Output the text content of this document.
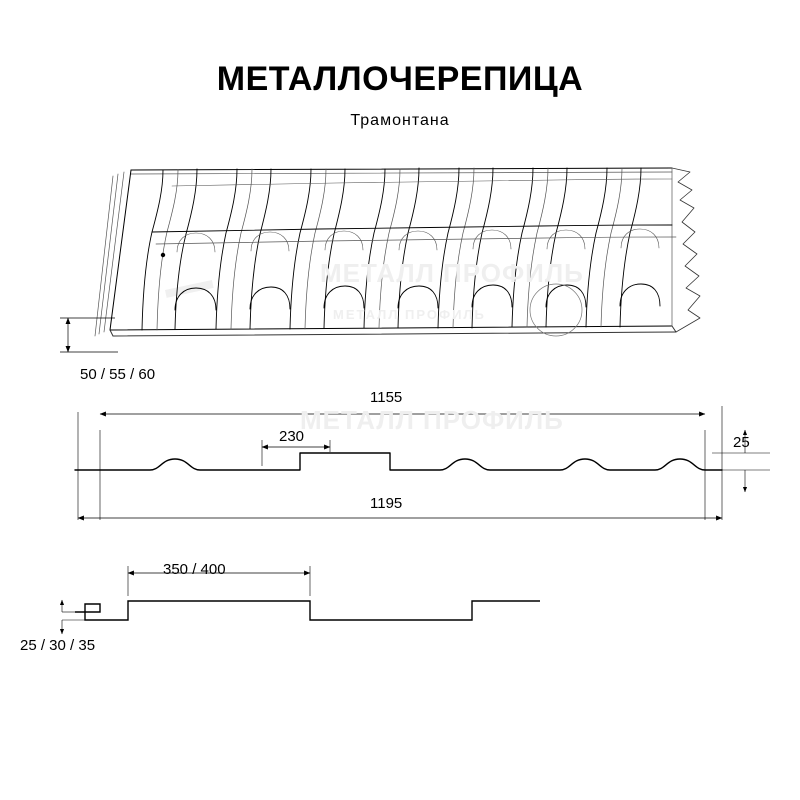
МЕТАЛЛ ПРОФИЛЬ
МЕТАЛЛ ПРОФИЛЬ
МЕТАЛЛ ПРОФИЛЬ
МЕТАЛЛОЧЕРЕПИЦА
Трамонтана
50 / 55 / 60
1155
230	25
1195
350 / 400
25 / 30 / 35
